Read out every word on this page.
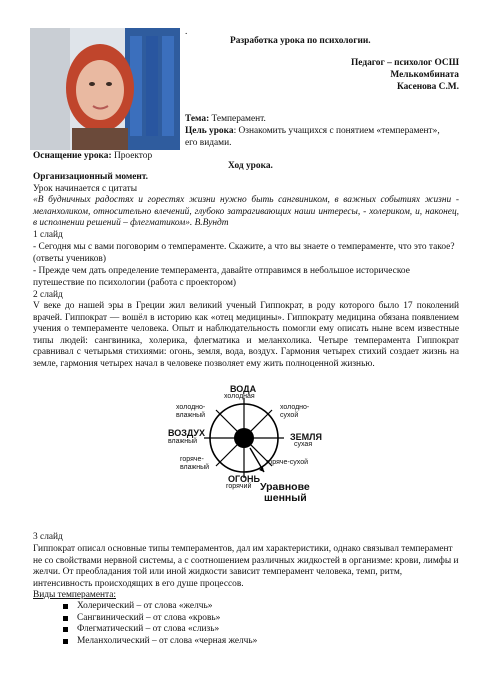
.
Разработка урока по психологии.
Педагог – психолог ОСШ
Мелькомбината
Касенова С.М.
Тема: Темперамент.
Цель урока: Ознакомить учащихся с понятием «темперамент»,
его видами.
Оснащение урока: Проектор
Ход урока.
Организационный момент.
Урок начинается с цитаты
«В будничных радостях и горестях жизни нужно быть сангвиником, в важных событиях жизни - меланхоликом, относительно влечений, глубоко затрагивающих наши интересы, - холериком, и, наконец, в исполнении решений – флегматиком». В.Вундт
1 слайд
- Сегодня мы с вами поговорим о темпераменте. Скажите, а что вы знаете о темпераменте, что это такое? (ответы учеников)
- Прежде чем дать определение темперамента, давайте отправимся в небольшое историческое путешествие по психологии (работа с проектором)
2 слайд
V веке до нашей эры в Греции жил великий ученый Гиппократ, в роду которого было 17 поколений врачей. Гиппократ — вошёл в историю как «отец медицины». Гиппократу медицина обязана появлением учения о темпераменте человека. Опыт и наблюдательность помогли ему описать ныне всем известные типы людей: сангвиника, холерика, флегматика и меланхолика. Четыре темперамента Гиппократ сравнивал с четырьмя стихиями: огонь, земля, вода, воздух. Гармония четырех стихий создает жизнь на земле, гармония четырех начал в человеке позволяет ему жить полноценной жизнью.
ВОДА
холодная
холодно-
влажный
холодно-
сухой
ВОЗДУХ
влажный	ЗЕМЛЯ
сухая
горяче-
влажный
горяче-сухой
ОГОНЬ
горячий Уравнове
шенный
3 слайд
Гиппократ описал основные типы темпераментов, дал им характеристики, однако связывал темперамент не со свойствами нервной системы, а с соотношением различных жидкостей в организме: крови, лимфы и желчи. От преобладания той или иной жидкости зависит темперамент человека, темп, ритм, интенсивность происходящих в его душе процессов.
Виды темперамента:
Холерический – от слова «желчь»
Сангвинический – от слова «кровь»
Флегматический – от слова «слизь»
Меланхолический – от слова «черная желчь»
